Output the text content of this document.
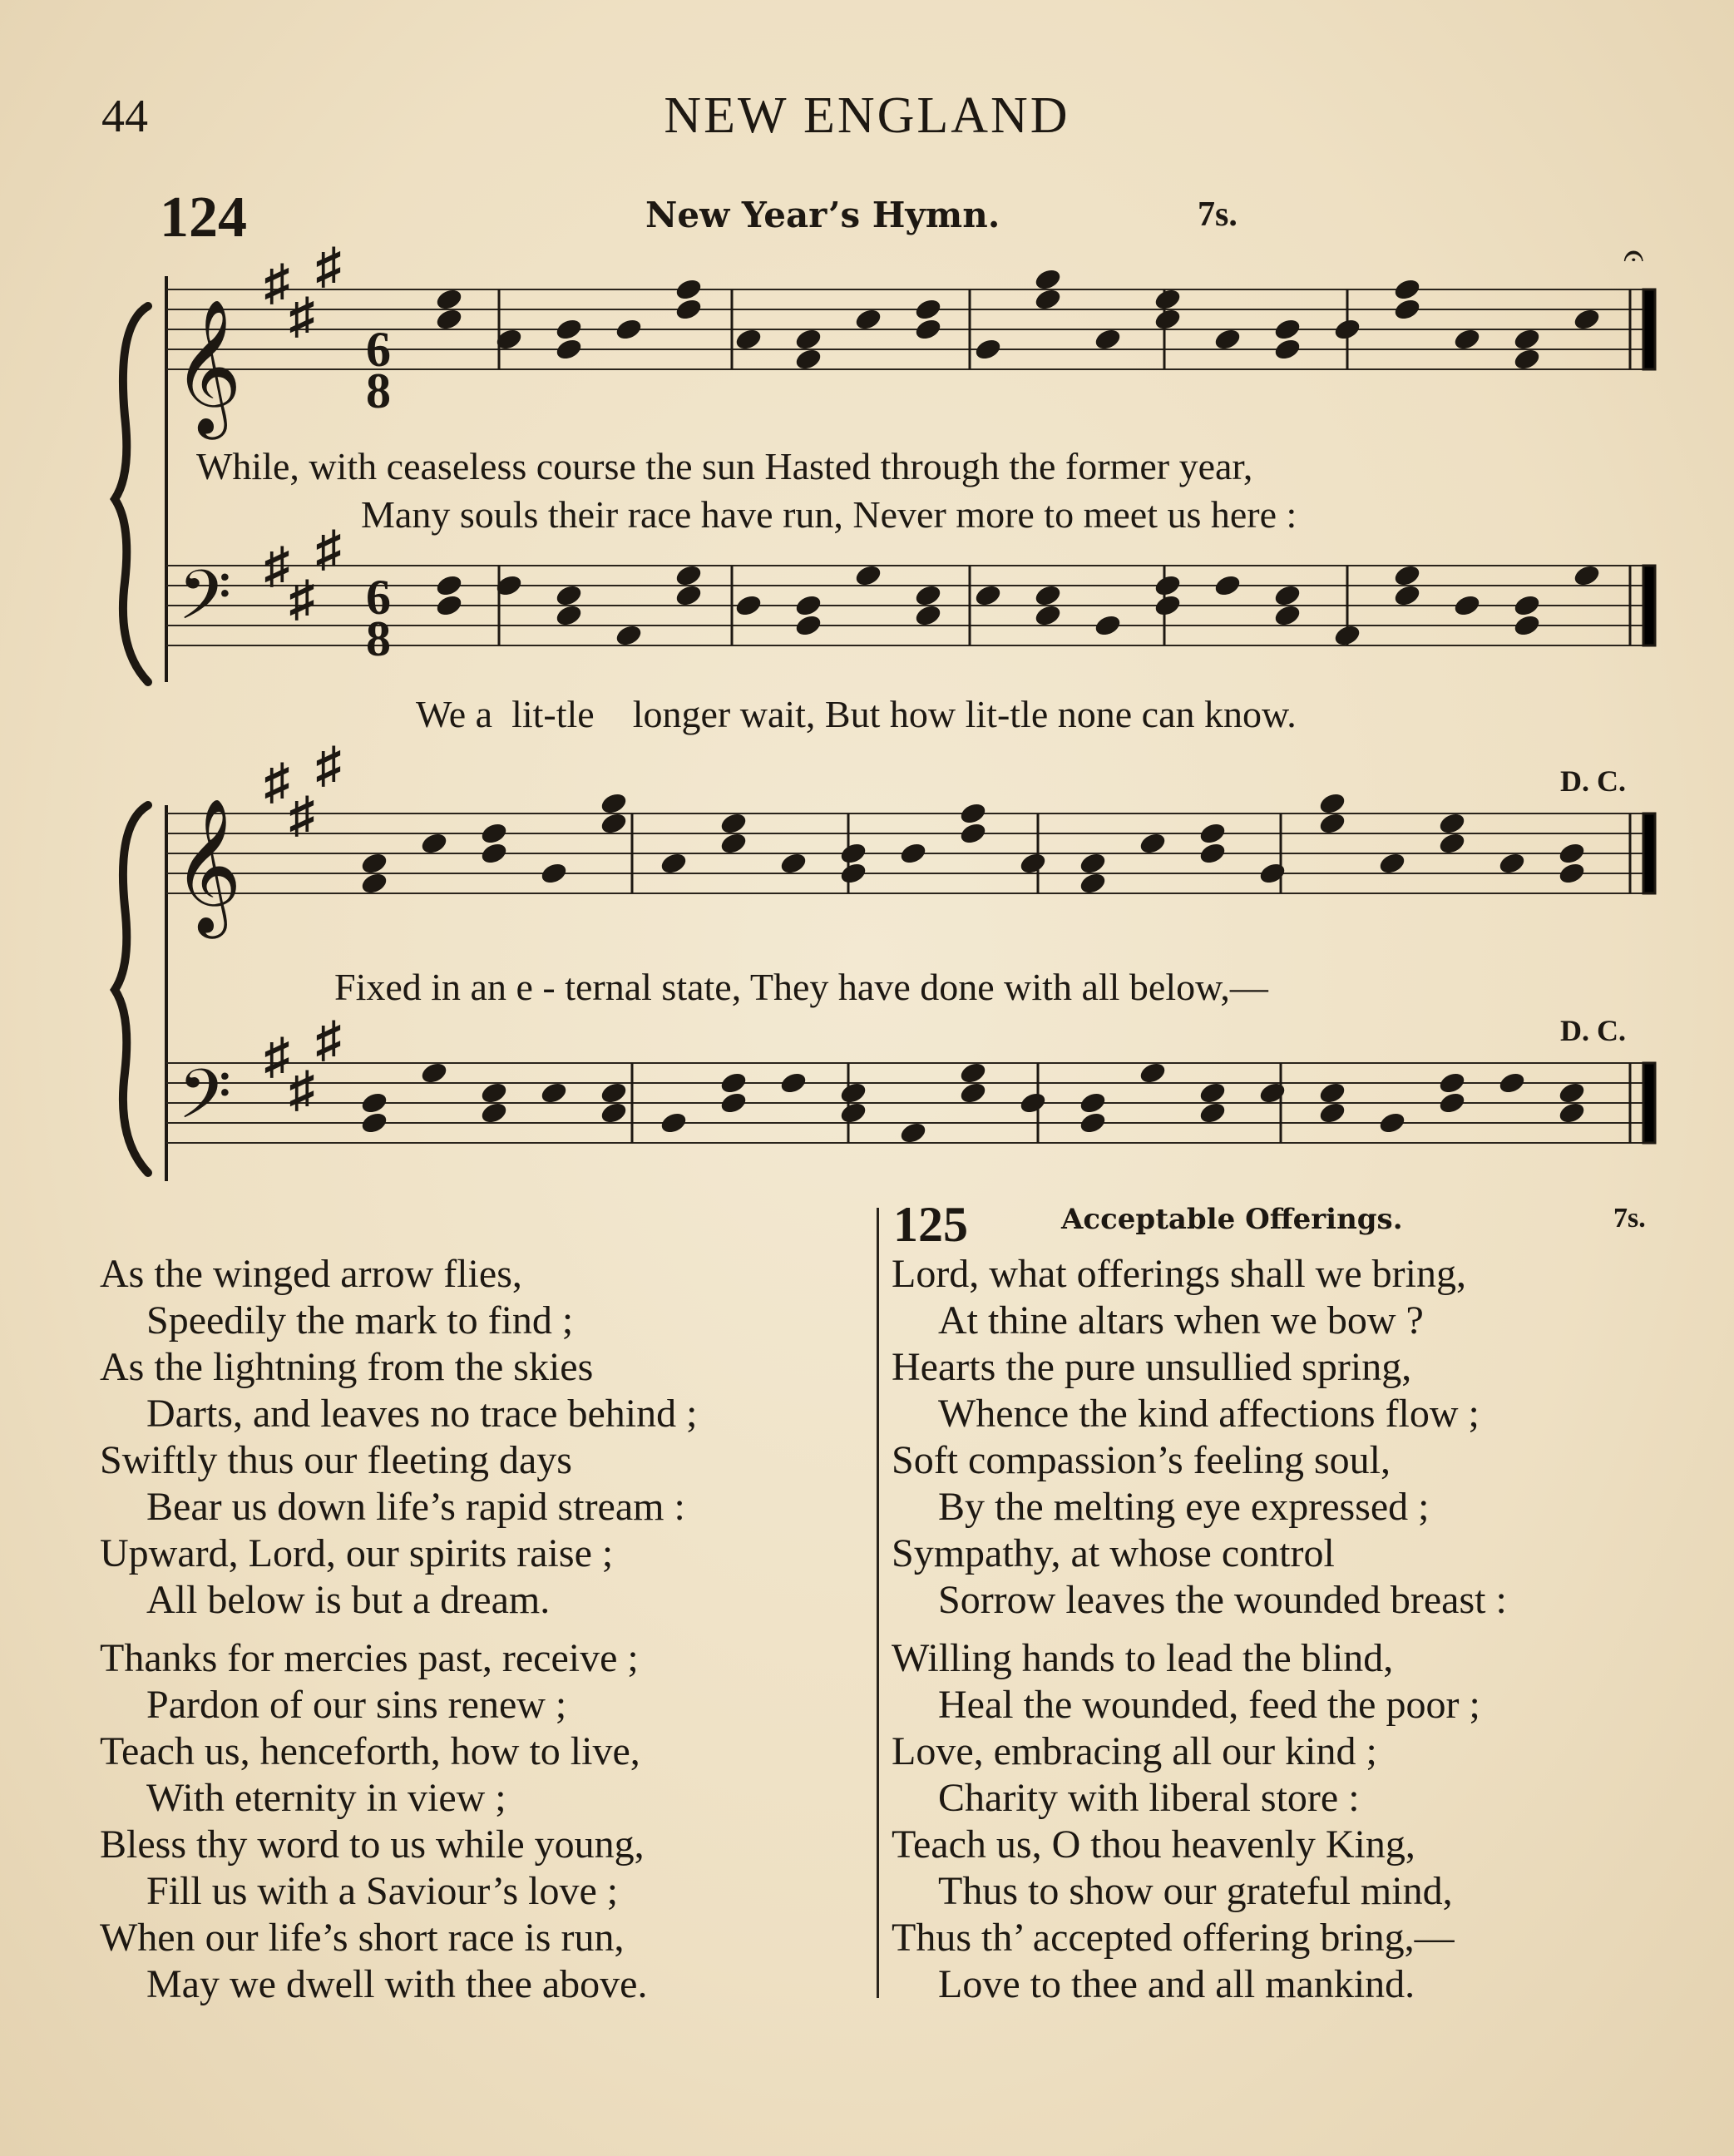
44	NEW ENGLAND
124	New Year’s Hymn.	7s.
𝄞
𝄞
𝄢
𝄢
𝄐
♯ ♯
♯
♯ ♯
♯
♯ ♯
♯
♯ ♯
♯
6
8
6
8
While, with ceaseless course the sun Hasted through the former year,
Many souls their race have run, Never more to meet us here :
We a  lit-tle    longer wait, But how lit-tle none can know.
D. C.
Fixed in an e - ternal state, They have done with all below,—
D. C.
125	Acceptable Offerings.	7s.
As the winged arrow flies,
Speedily the mark to find ;
As the lightning from the skies
Darts, and leaves no trace behind ;
Swiftly thus our fleeting days
Bear us down life’s rapid stream :
Upward, Lord, our spirits raise ;
All below is but a dream.
Thanks for mercies past, receive ;
Pardon of our sins renew ;
Teach us, henceforth, how to live,
With eternity in view ;
Bless thy word to us while young,
Fill us with a Saviour’s love ;
When our life’s short race is run,
May we dwell with thee above.
Lord, what offerings shall we bring,
At thine altars when we bow ?
Hearts the pure unsullied spring,
Whence the kind affections flow ;
Soft compassion’s feeling soul,
By the melting eye expressed ;
Sympathy, at whose control
Sorrow leaves the wounded breast :
Willing hands to lead the blind,
Heal the wounded, feed the poor ;
Love, embracing all our kind ;
Charity with liberal store :
Teach us, O thou heavenly King,
Thus to show our grateful mind,
Thus th’ accepted offering bring,—
Love to thee and all mankind.
